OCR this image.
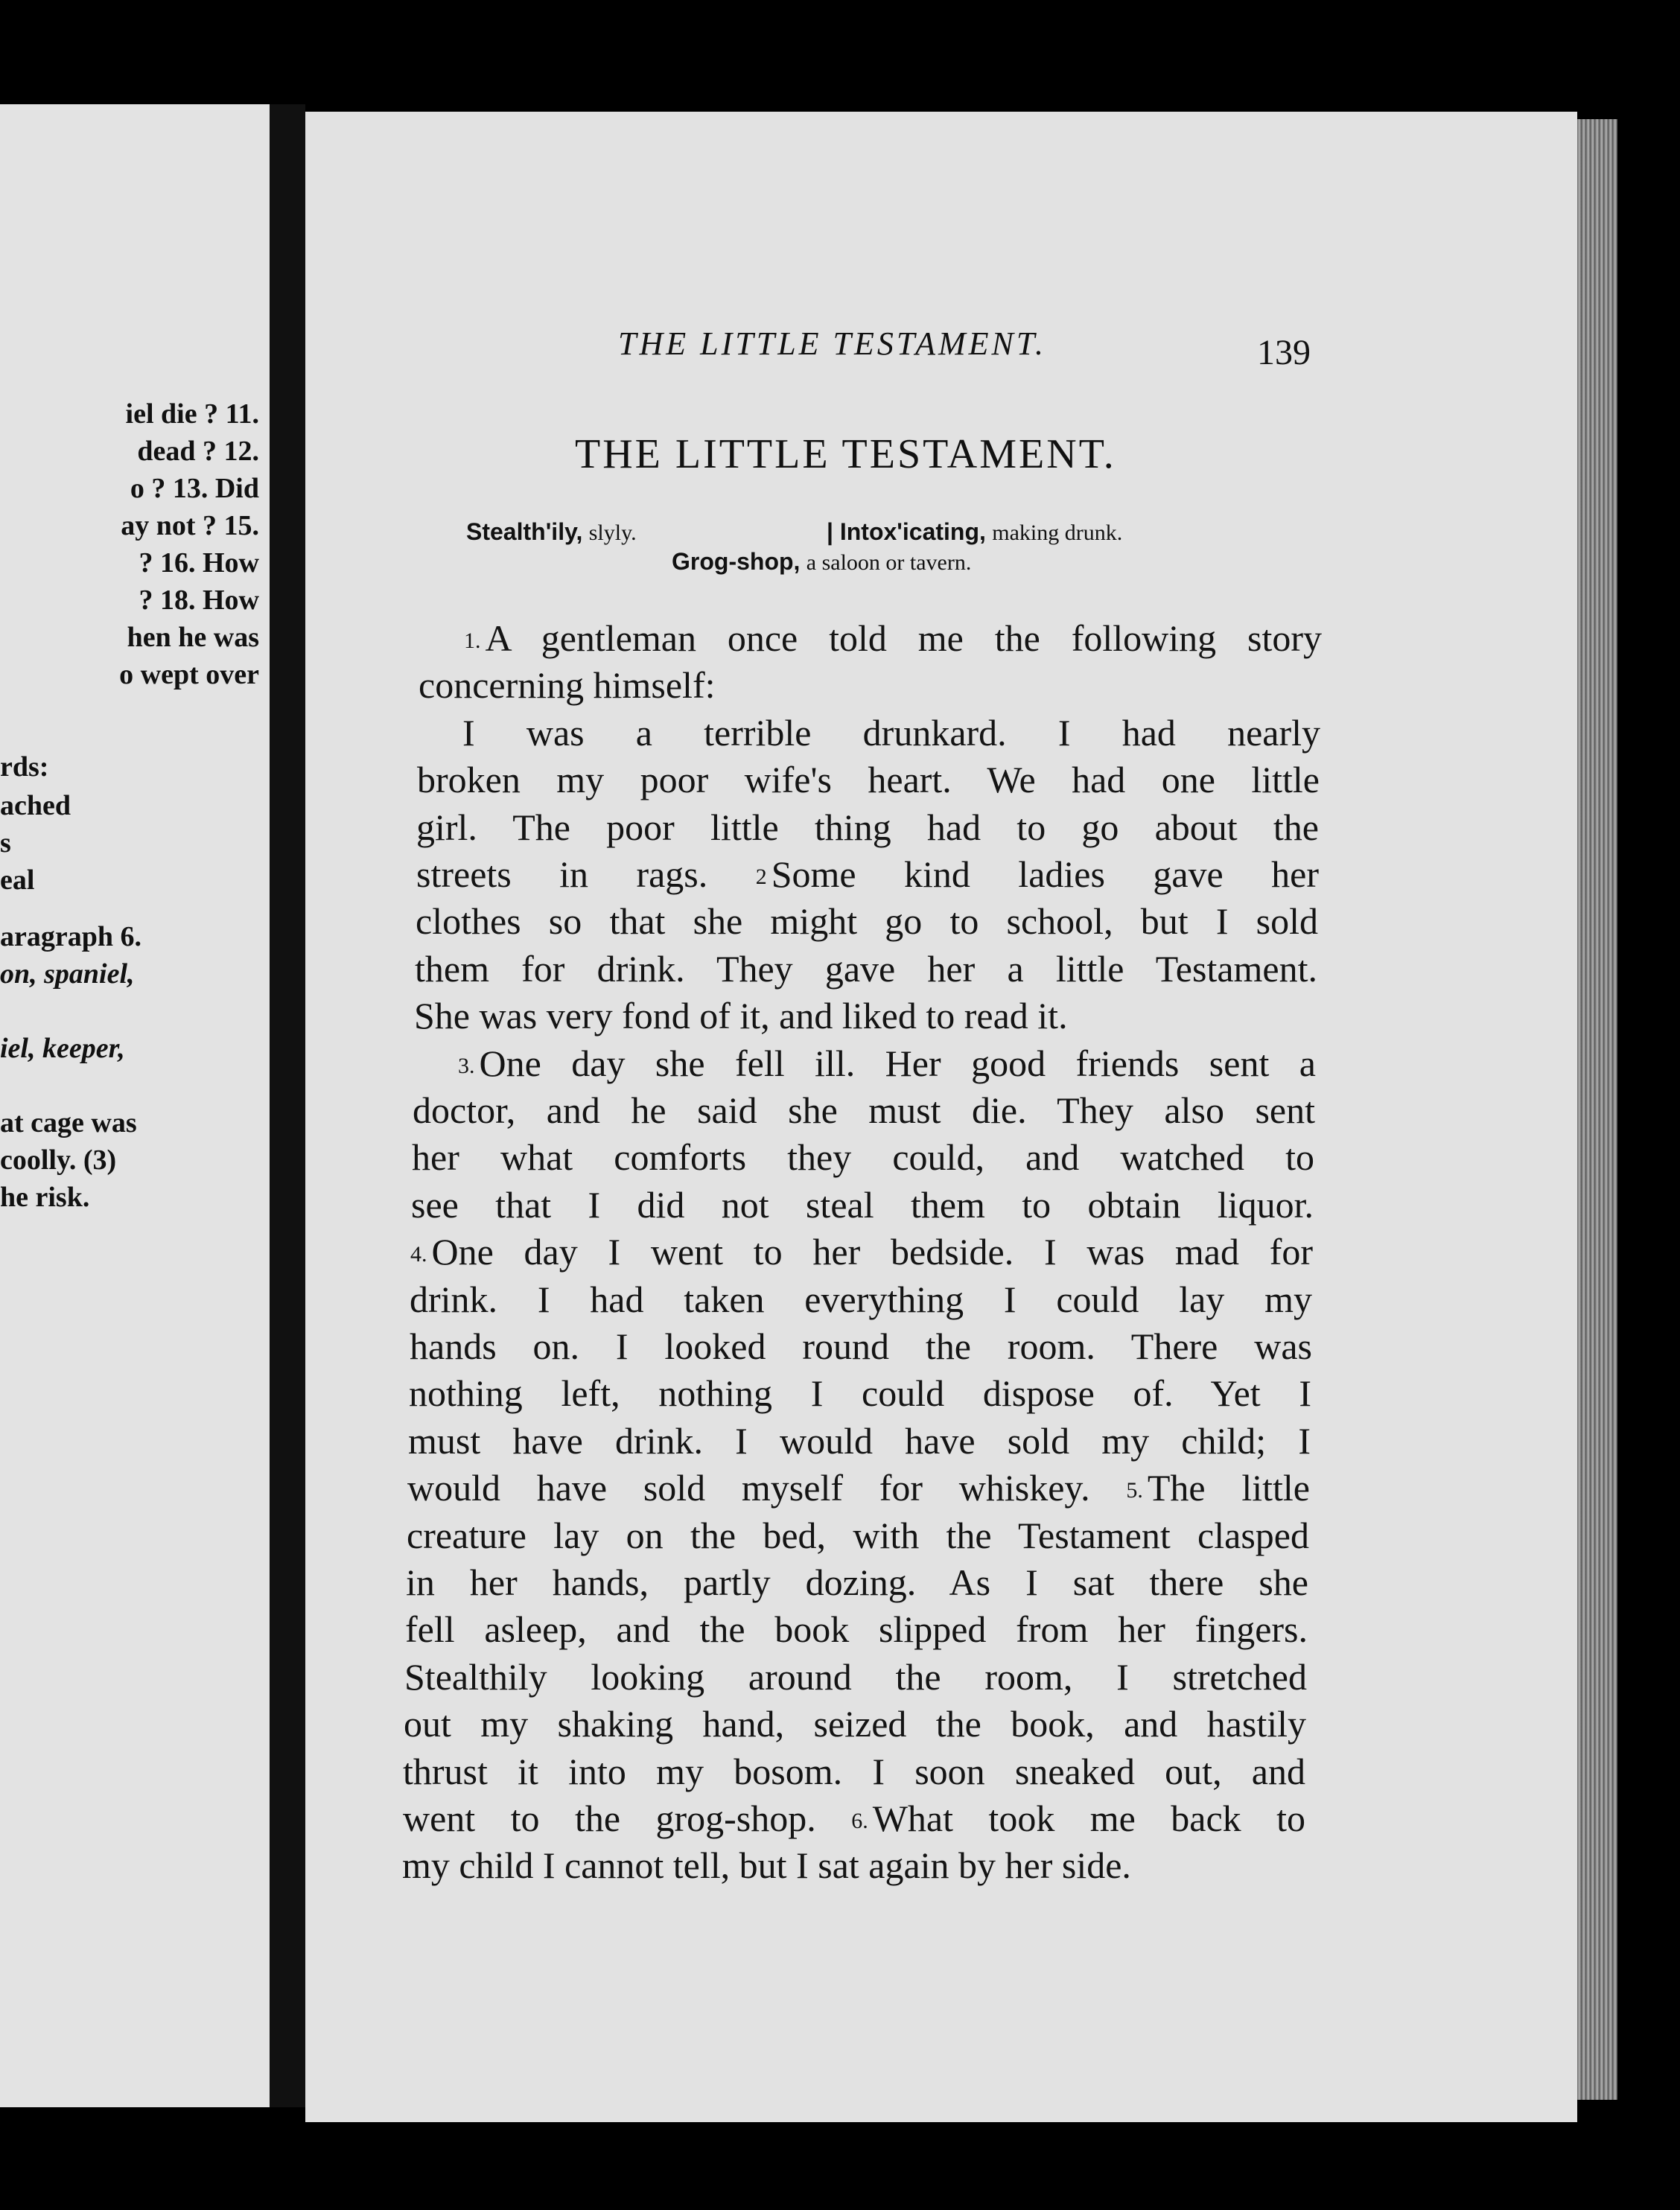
iel die ? 11.
dead ? 12.
o ? 13. Did
ay not ? 15.
? 16. How
? 18. How
hen he was
o wept over
rds:
ached
s
eal
aragraph 6.
on, spaniel,
iel, keeper,
at cage was
coolly. (3)
he risk.
THE LITTLE TESTAMENT.	139
THE LITTLE TESTAMENT.
Stealth'ily, slyly.	| Intox'icating, making drunk.
Grog-shop, a saloon or tavern.
1. A gentleman once told me the following story
concerning himself:
I was a terrible drunkard. I had nearly
broken my poor wife's heart. We had one little
girl. The poor little thing had to go about the
streets in rags. 2 Some kind ladies gave her
clothes so that she might go to school, but I sold
them for drink. They gave her a little Testament.
She was very fond of it, and liked to read it.
3. One day she fell ill. Her good friends sent a
doctor, and he said she must die. They also sent
her what comforts they could, and watched to
see that I did not steal them to obtain liquor.
4. One day I went to her bedside. I was mad for
drink. I had taken everything I could lay my
hands on. I looked round the room. There was
nothing left, nothing I could dispose of. Yet I
must have drink. I would have sold my child; I
would have sold myself for whiskey. 5. The little
creature lay on the bed, with the Testament clasped
in her hands, partly dozing. As I sat there she
fell asleep, and the book slipped from her fingers.
Stealthily looking around the room, I stretched
out my shaking hand, seized the book, and hastily
thrust it into my bosom. I soon sneaked out, and
went to the grog-shop. 6. What took me back to
my child I cannot tell, but I sat again by her side.
